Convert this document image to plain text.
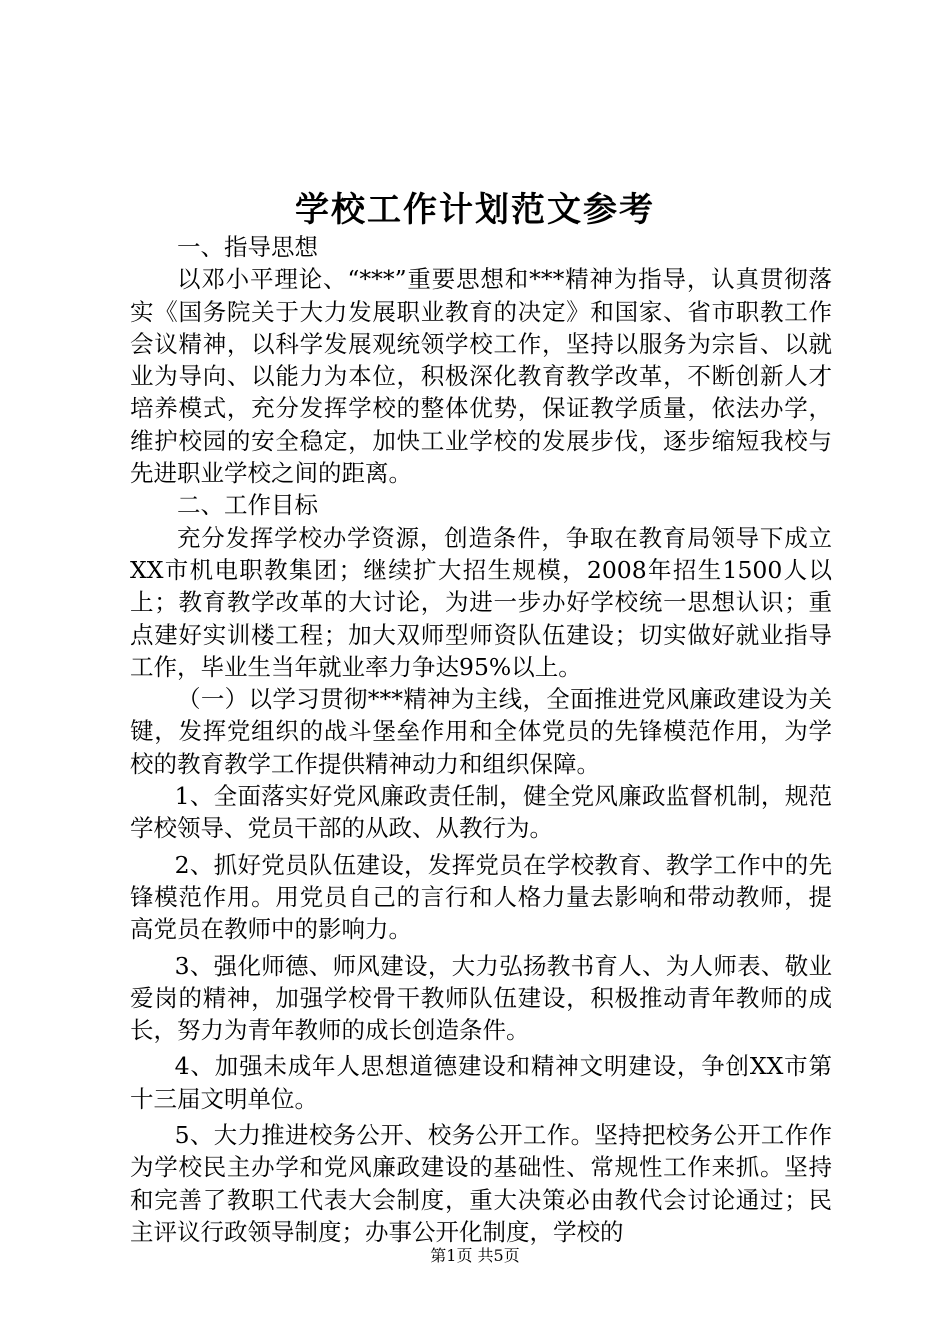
学校工作计划范文参考

一、指导思想

以邓小平理论、“***”重要思想和***精神为指导，认真贯彻落实《国务院关于大力发展职业教育的决定》和国家、省市职教工作会议精神，以科学发展观统领学校工作，坚持以服务为宗旨、以就业为导向、以能力为本位，积极深化教育教学改革，不断创新人才培养模式，充分发挥学校的整体优势，保证教学质量，依法办学，维护校园的安全稳定，加快工业学校的发展步伐，逐步缩短我校与先进职业学校之间的距离。

二、工作目标

充分发挥学校办学资源，创造条件，争取在教育局领导下成立XX市机电职教集团；继续扩大招生规模，2008年招生1500人以上；教育教学改革的大讨论，为进一步办好学校统一思想认识；重点建好实训楼工程；加大双师型师资队伍建设；切实做好就业指导工作，毕业生当年就业率力争达95%以上。

（一）以学习贯彻***精神为主线，全面推进党风廉政建设为关键，发挥党组织的战斗堡垒作用和全体党员的先锋模范作用，为学校的教育教学工作提供精神动力和组织保障。

1、全面落实好党风廉政责任制，健全党风廉政监督机制，规范学校领导、党员干部的从政、从教行为。

2、抓好党员队伍建设，发挥党员在学校教育、教学工作中的先锋模范作用。用党员自己的言行和人格力量去影响和带动教师，提高党员在教师中的影响力。

3、强化师德、师风建设，大力弘扬教书育人、为人师表、敬业爱岗的精神，加强学校骨干教师队伍建设，积极推动青年教师的成长，努力为青年教师的成长创造条件。

4、加强未成年人思想道德建设和精神文明建设，争创XX市第十三届文明单位。

5、大力推进校务公开、校务公开工作。坚持把校务公开工作作为学校民主办学和党风廉政建设的基础性、常规性工作来抓。坚持和完善了教职工代表大会制度，重大决策必由教代会讨论通过；民主评议行政领导制度；办事公开化制度，学校的

第1页 共5页
